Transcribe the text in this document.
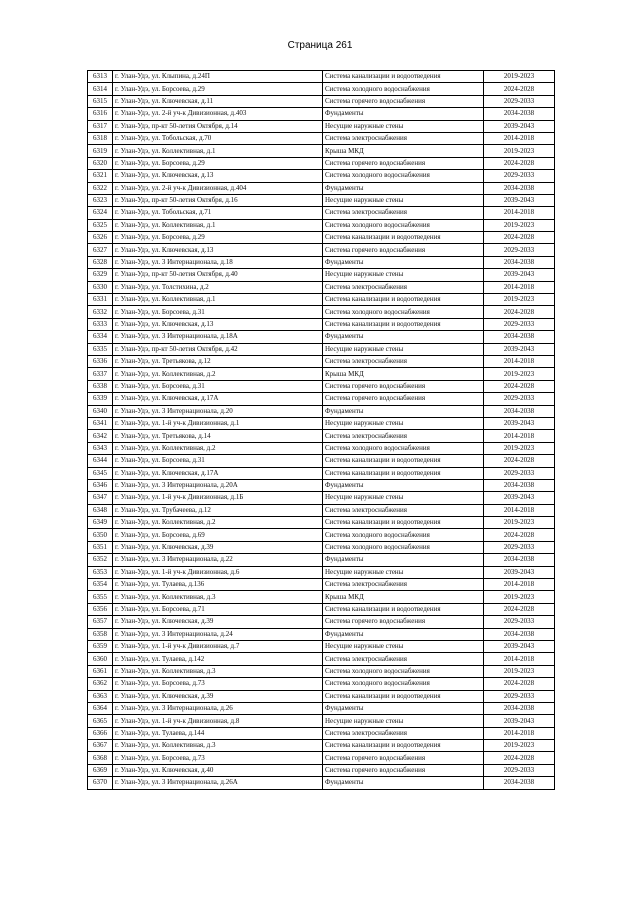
Страница 261
6313	г. Улан-Удэ, ул. Клыпина, д.24П	Система канализации и водоотведения	2019-2023
6314	г. Улан-Удэ, ул. Борсоева, д.29	Система холодного водоснабжения	2024-2028
6315	г. Улан-Удэ, ул. Ключевская, д.11	Система горячего водоснабжения	2029-2033
6316	г. Улан-Удэ, ул. 2-й уч-к Дивизионная, д.403	Фундаменты	2034-2038
6317	г. Улан-Удэ, пр-кт 50-летия Октября, д.14	Несущие наружные стены	2039-2043
6318	г. Улан-Удэ, ул. Тобольская, д.70	Система электроснабжения	2014-2018
6319	г. Улан-Удэ, ул. Коллективная, д.1	Крыша МКД	2019-2023
6320	г. Улан-Удэ, ул. Борсоева, д.29	Система горячего водоснабжения	2024-2028
6321	г. Улан-Удэ, ул. Ключевская, д.13	Система холодного водоснабжения	2029-2033
6322	г. Улан-Удэ, ул. 2-й уч-к Дивизионная, д.404	Фундаменты	2034-2038
6323	г. Улан-Удэ, пр-кт 50-летия Октября, д.16	Несущие наружные стены	2039-2043
6324	г. Улан-Удэ, ул. Тобольская, д.71	Система электроснабжения	2014-2018
6325	г. Улан-Удэ, ул. Коллективная, д.1	Система холодного водоснабжения	2019-2023
6326	г. Улан-Удэ, ул. Борсоева, д.29	Система канализации и водоотведения	2024-2028
6327	г. Улан-Удэ, ул. Ключевская, д.13	Система горячего водоснабжения	2029-2033
6328	г. Улан-Удэ, ул. 3 Интернационала, д.18	Фундаменты	2034-2038
6329	г. Улан-Удэ, пр-кт 50-летия Октября, д.40	Несущие наружные стены	2039-2043
6330	г. Улан-Удэ, ул. Толстихина, д.2	Система электроснабжения	2014-2018
6331	г. Улан-Удэ, ул. Коллективная, д.1	Система канализации и водоотведения	2019-2023
6332	г. Улан-Удэ, ул. Борсоева, д.31	Система холодного водоснабжения	2024-2028
6333	г. Улан-Удэ, ул. Ключевская, д.13	Система канализации и водоотведения	2029-2033
6334	г. Улан-Удэ, ул. 3 Интернационала, д.18А	Фундаменты	2034-2038
6335	г. Улан-Удэ, пр-кт 50-летия Октября, д.42	Несущие наружные стены	2039-2043
6336	г. Улан-Удэ, ул. Третьякова, д.12	Система электроснабжения	2014-2018
6337	г. Улан-Удэ, ул. Коллективная, д.2	Крыша МКД	2019-2023
6338	г. Улан-Удэ, ул. Борсоева, д.31	Система горячего водоснабжения	2024-2028
6339	г. Улан-Удэ, ул. Ключевская, д.17А	Система горячего водоснабжения	2029-2033
6340	г. Улан-Удэ, ул. 3 Интернационала, д.20	Фундаменты	2034-2038
6341	г. Улан-Удэ, ул. 1-й уч-к Дивизионная, д.1	Несущие наружные стены	2039-2043
6342	г. Улан-Удэ, ул. Третьякова, д.14	Система электроснабжения	2014-2018
6343	г. Улан-Удэ, ул. Коллективная, д.2	Система холодного водоснабжения	2019-2023
6344	г. Улан-Удэ, ул. Борсоева, д.31	Система канализации и водоотведения	2024-2028
6345	г. Улан-Удэ, ул. Ключевская, д.17А	Система канализации и водоотведения	2029-2033
6346	г. Улан-Удэ, ул. 3 Интернационала, д.20А	Фундаменты	2034-2038
6347	г. Улан-Удэ, ул. 1-й уч-к Дивизионная, д.1Б	Несущие наружные стены	2039-2043
6348	г. Улан-Удэ, ул. Трубачеева, д.12	Система электроснабжения	2014-2018
6349	г. Улан-Удэ, ул. Коллективная, д.2	Система канализации и водоотведения	2019-2023
6350	г. Улан-Удэ, ул. Борсоева, д.69	Система холодного водоснабжения	2024-2028
6351	г. Улан-Удэ, ул. Ключевская, д.39	Система холодного водоснабжения	2029-2033
6352	г. Улан-Удэ, ул. 3 Интернационала, д.22	Фундаменты	2034-2038
6353	г. Улан-Удэ, ул. 1-й уч-к Дивизионная, д.6	Несущие наружные стены	2039-2043
6354	г. Улан-Удэ, ул. Тулаева, д.136	Система электроснабжения	2014-2018
6355	г. Улан-Удэ, ул. Коллективная, д.3	Крыша МКД	2019-2023
6356	г. Улан-Удэ, ул. Борсоева, д.71	Система канализации и водоотведения	2024-2028
6357	г. Улан-Удэ, ул. Ключевская, д.39	Система горячего водоснабжения	2029-2033
6358	г. Улан-Удэ, ул. 3 Интернационала, д.24	Фундаменты	2034-2038
6359	г. Улан-Удэ, ул. 1-й уч-к Дивизионная, д.7	Несущие наружные стены	2039-2043
6360	г. Улан-Удэ, ул. Тулаева, д.142	Система электроснабжения	2014-2018
6361	г. Улан-Удэ, ул. Коллективная, д.3	Система холодного водоснабжения	2019-2023
6362	г. Улан-Удэ, ул. Борсоева, д.73	Система холодного водоснабжения	2024-2028
6363	г. Улан-Удэ, ул. Ключевская, д.39	Система канализации и водоотведения	2029-2033
6364	г. Улан-Удэ, ул. 3 Интернационала, д.26	Фундаменты	2034-2038
6365	г. Улан-Удэ, ул. 1-й уч-к Дивизионная, д.8	Несущие наружные стены	2039-2043
6366	г. Улан-Удэ, ул. Тулаева, д.144	Система электроснабжения	2014-2018
6367	г. Улан-Удэ, ул. Коллективная, д.3	Система канализации и водоотведения	2019-2023
6368	г. Улан-Удэ, ул. Борсоева, д.73	Система горячего водоснабжения	2024-2028
6369	г. Улан-Удэ, ул. Ключевская, д.40	Система горячего водоснабжения	2029-2033
6370	г. Улан-Удэ, ул. 3 Интернационала, д.26А	Фундаменты	2034-2038
